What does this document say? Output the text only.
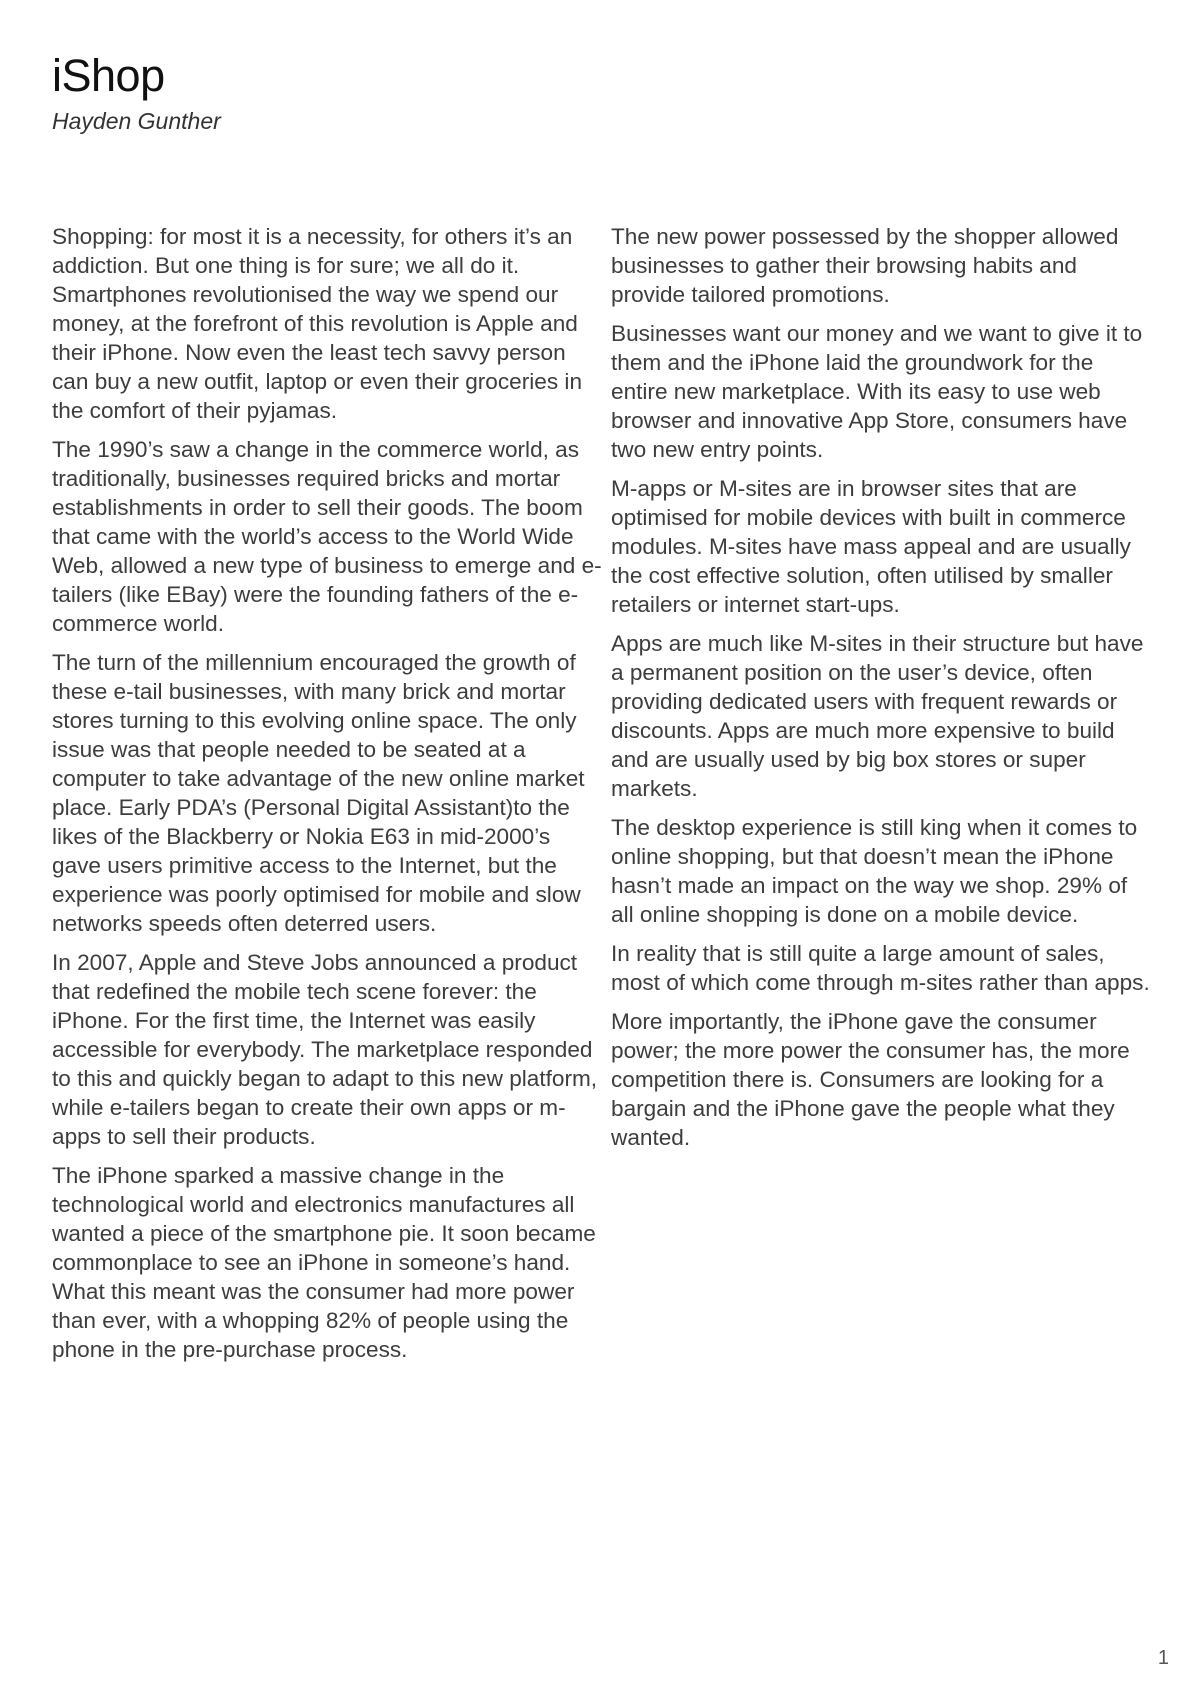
iShop

Hayden Gunther

Shopping: for most it is a necessity, for others it’s an addiction. But one thing is for sure; we all do it. Smartphones revolutionised the way we spend our money, at the forefront of this revolution is Apple and their iPhone. Now even the least tech savvy person can buy a new outfit, laptop or even their groceries in the comfort of their pyjamas.

The 1990’s saw a change in the commerce world, as traditionally, businesses required bricks and mortar establishments in order to sell their goods. The boom that came with the world’s access to the World Wide Web, allowed a new type of business to emerge and e-tailers (like EBay) were the founding fathers of the e-commerce world.

The turn of the millennium encouraged the growth of these e-tail businesses, with many brick and mortar stores turning to this evolving online space. The only issue was that people needed to be seated at a computer to take advantage of the new online market place. Early PDA’s (Personal Digital Assistant)to the likes of the Blackberry or Nokia E63 in mid-2000’s gave users primitive access to the Internet, but the experience was poorly optimised for mobile and slow networks speeds often deterred users.

In 2007, Apple and Steve Jobs announced a product that redefined the mobile tech scene forever: the iPhone. For the first time, the Internet was easily accessible for everybody. The marketplace responded to this and quickly began to adapt to this new platform, while e-tailers began to create their own apps or m-apps to sell their products.

The iPhone sparked a massive change in the technological world and electronics manufactures all wanted a piece of the smartphone pie. It soon became commonplace to see an iPhone in someone’s hand. What this meant was the consumer had more power than ever, with a whopping 82% of people using the phone in the pre-purchase process.

The new power possessed by the shopper allowed businesses to gather their browsing habits and provide tailored promotions.

Businesses want our money and we want to give it to them and the iPhone laid the groundwork for the entire new marketplace. With its easy to use web browser and innovative App Store, consumers have two new entry points.

M-apps or M-sites are in browser sites that are optimised for mobile devices with built in commerce modules. M-sites have mass appeal and are usually the cost effective solution, often utilised by smaller retailers or internet start-ups.

Apps are much like M-sites in their structure but have a permanent position on the user’s device, often providing dedicated users with frequent rewards or discounts. Apps are much more expensive to build and are usually used by big box stores or super markets.

The desktop experience is still king when it comes to online shopping, but that doesn’t mean the iPhone hasn’t made an impact on the way we shop. 29% of all online shopping is done on a mobile device.

In reality that is still quite a large amount of sales, most of which come through m-sites rather than apps.

More importantly, the iPhone gave the consumer power; the more power the consumer has, the more competition there is. Consumers are looking for a bargain and the iPhone gave the people what they wanted.

1
